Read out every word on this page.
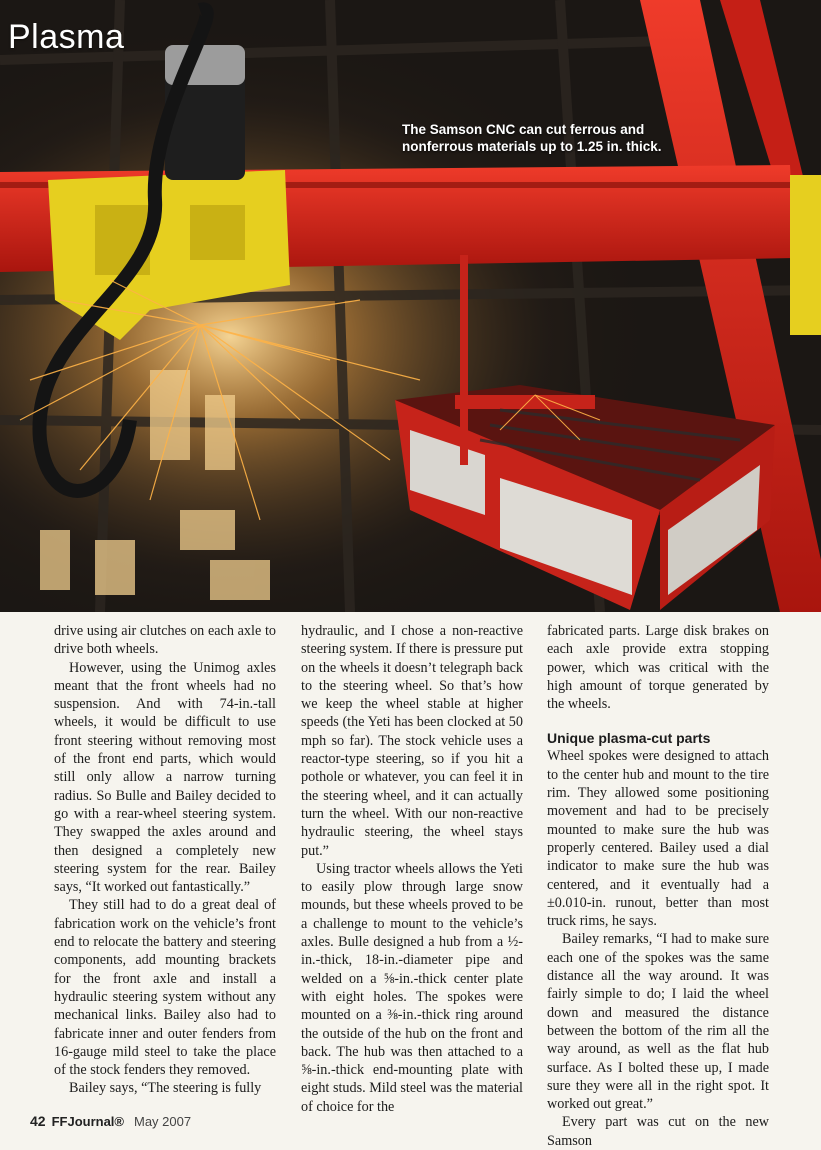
Plasma
The Samson CNC can cut ferrous and nonferrous materials up to 1.25 in. thick.

drive using air clutches on each axle to drive both wheels.

However, using the Unimog axles meant that the front wheels had no suspension. And with 74-in.-tall wheels, it would be difficult to use front steering without removing most of the front end parts, which would still only allow a narrow turning radius. So Bulle and Bailey decided to go with a rear-wheel steering system. They swapped the axles around and then designed a completely new steering system for the rear. Bailey says, “It worked out fantastically.”

They still had to do a great deal of fabrication work on the vehicle’s front end to relocate the battery and steering components, add mounting brackets for the front axle and install a hydraulic steering system without any mechanical links. Bailey also had to fabricate inner and outer fenders from 16-gauge mild steel to take the place of the stock fenders they removed.

Bailey says, “The steering is fully

hydraulic, and I chose a non-reactive steering system. If there is pressure put on the wheels it doesn’t telegraph back to the steering wheel. So that’s how we keep the wheel stable at higher speeds (the Yeti has been clocked at 50 mph so far). The stock vehicle uses a reactor-type steering, so if you hit a pothole or whatever, you can feel it in the steering wheel, and it can actually turn the wheel. With our non-reactive hydraulic steering, the wheel stays put.”

Using tractor wheels allows the Yeti to easily plow through large snow mounds, but these wheels proved to be a challenge to mount to the vehicle’s axles. Bulle designed a hub from a ½-in.-thick, 18-in.-diameter pipe and welded on a ⅝-in.-thick center plate with eight holes. The spokes were mounted on a ⅜-in.-thick ring around the outside of the hub on the front and back. The hub was then attached to a ⅝-in.-thick end-mounting plate with eight studs. Mild steel was the material of choice for the

fabricated parts. Large disk brakes on each axle provide extra stopping power, which was critical with the high amount of torque generated by the wheels.

Unique plasma-cut parts

Wheel spokes were designed to attach to the center hub and mount to the tire rim. They allowed some positioning movement and had to be precisely mounted to make sure the hub was properly centered. Bailey used a dial indicator to make sure the hub was centered, and it eventually had a ±0.010-in. runout, better than most truck rims, he says.

Bailey remarks, “I had to make sure each one of the spokes was the same distance all the way around. It was fairly simple to do; I laid the wheel down and measured the distance between the bottom of the rim all the way around, as well as the flat hub surface. As I bolted these up, I made sure they were all in the right spot. It worked out great.”

Every part was cut on the new Samson

42 FFJournal® May 2007
